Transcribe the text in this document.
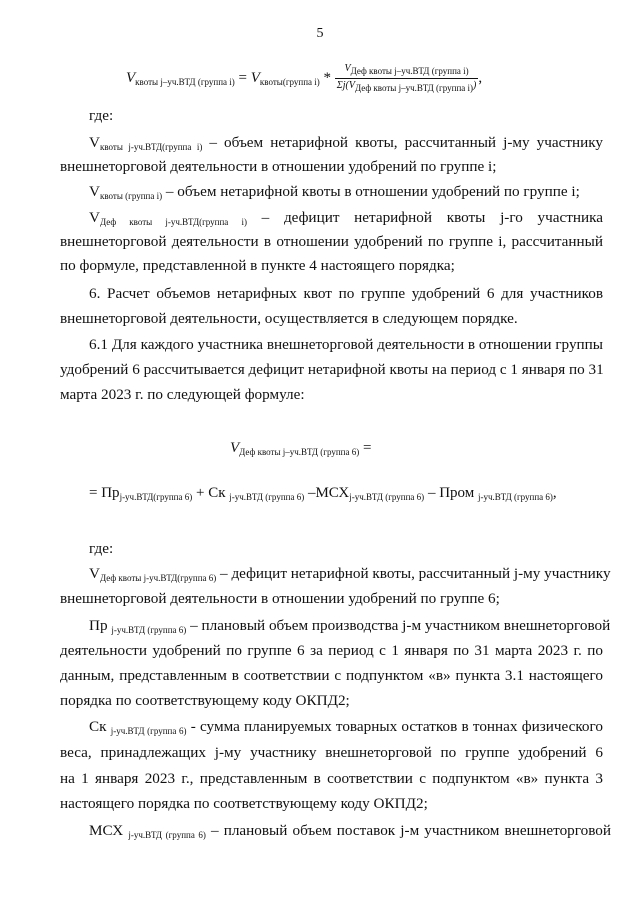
5
$V_{квоты j-уч.ВТД (группа i)} = V_{квоты(группа i)} * \frac{V_{Деф квоты j-уч.ВТД (группа i)}}{\Sigma j(V_{Деф квоты j-уч.ВТД (группа i)})}$ ,
где:
$V_{квоты j-уч.ВТД(группа i)}$ – объем нетарифной квоты, рассчитанный j-му участнику
внешнеторговой деятельности в отношении удобрений по группе i;
$V_{квоты (группа i)}$ – объем нетарифной квоты в отношении удобрений по группе i;
$V_{Деф квоты j-уч.ВТД(группа i)}$ – дефицит нетарифной квоты j-го участника
внешнеторговой деятельности в отношении удобрений по группе i, рассчитанный
по формуле, представленной в пункте 4 настоящего порядка;
6. Расчет объемов нетарифных квот по группе удобрений 6 для участников
внешнеторговой деятельности, осуществляется в следующем порядке.
6.1 Для каждого участника внешнеторговой деятельности в отношении группы
удобрений 6 рассчитывается дефицит нетарифной квоты на период с 1 января по 31
марта 2023 г. по следующей формуле:
$V_{Деф квоты j-уч.ВТД (группа 6)}$ =
= $Пр_{j-уч.ВТД(группа 6)}$ + Ск $_{j-уч.ВТД (группа 6)}$ $-МСХ_{j-уч.ВТД (группа 6)}$ – Пром $_{j-уч.ВТД (группа 6)}$,
где:
$V_{Деф квоты j-уч.ВТД(группа 6)}$ – дефицит нетарифной квоты, рассчитанный j-му участнику
внешнеторговой деятельности в отношении удобрений по группе 6;
Пр $_{j-уч.ВТД (группа 6)}$ – плановый объем производства j-м участником внешнеторговой
деятельности удобрений по группе 6 за период с 1 января по 31 марта 2023 г. по
данным, представленным в соответствии с подпунктом «в» пункта 3.1 настоящего
порядка по соответствующему коду ОКПД2;
Ск $_{j-уч.ВТД (группа 6)}$ - сумма планируемых товарных остатков в тоннах физического
веса, принадлежащих j-му участнику внешнеторговой по группе удобрений 6
на 1 января 2023 г., представленным в соответствии с подпунктом «в» пункта 3
настоящего порядка по соответствующему коду ОКПД2;
МСХ $_{j-уч.ВТД (группа 6)}$ – плановый объем поставок j-м участником внешнеторговой
